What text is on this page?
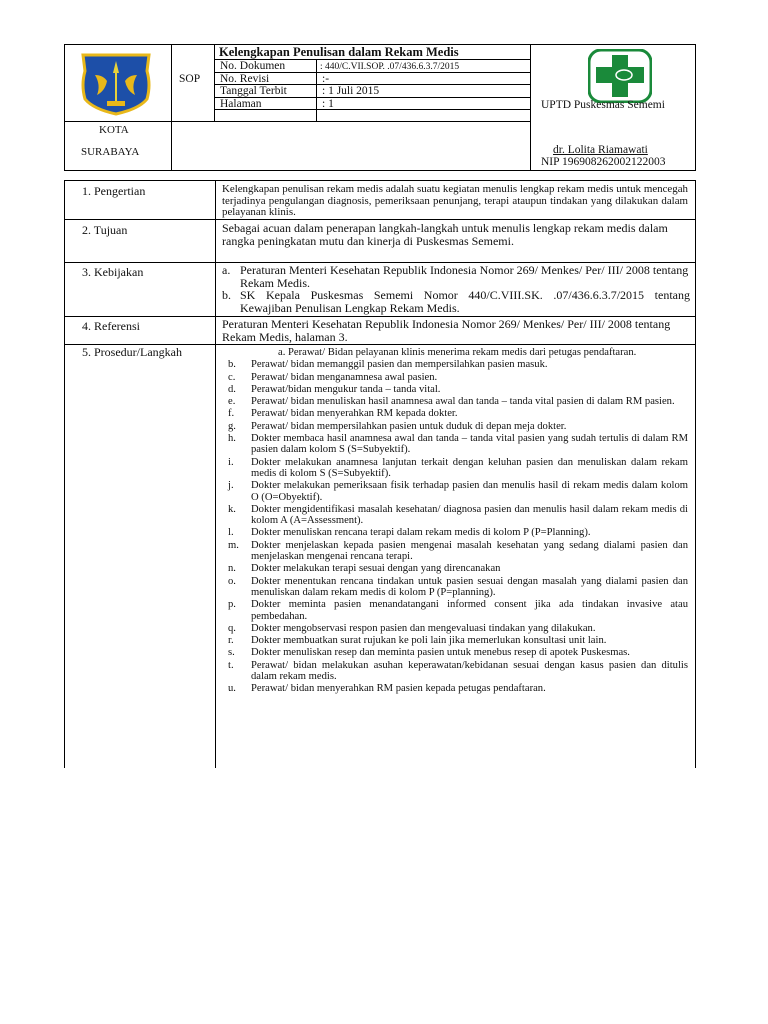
KOTA
SURABAYA
SOP
Kelengkapan Penulisan dalam Rekam Medis
No. Dokumen	: 440/C.VII.SOP. .07/436.6.3.7/2015
No. Revisi	:-
Tanggal Terbit	: 1 Juli 2015
Halaman	: 1	UPTD Puskesmas Sememi
dr. Lolita Riamawati
NIP 196908262002122003
1. Pengertian	Kelengkapan penulisan rekam medis adalah suatu kegiatan menulis lengkap rekam medis untuk mencegah terjadinya pengulangan diagnosis, pemeriksaan penunjang, terapi ataupun tindakan yang dilakukan dalam pelayanan klinis.

2. Tujuan	Sebagai acuan dalam penerapan langkah-langkah untuk menulis lengkap rekam medis dalam rangka peningkatan mutu dan kinerja di Puskesmas Sememi.

3. Kebijakan	a. Peraturan Menteri Kesehatan Republik Indonesia Nomor 269/ Menkes/ Per/ III/ 2008 tentang Rekam Medis.
b. SK Kepala Puskesmas Sememi Nomor 440/C.VIII.SK. .07/436.6.3.7/2015 tentang Kewajiban Penulisan Lengkap Rekam Medis.
4. Referensi	Peraturan Menteri Kesehatan Republik Indonesia Nomor 269/ Menkes/ Per/ III/ 2008 tentang Rekam Medis, halaman 3.

5. Prosedur/Langkah	a. Perawat/ Bidan pelayanan klinis menerima rekam medis dari petugas pendaftaran.

b.	Perawat/ bidan memanggil pasien dan mempersilahkan pasien masuk.
c.	Perawat/ bidan menganamnesa awal pasien.
d.	Perawat/bidan mengukur tanda – tanda vital.
e.	Perawat/ bidan menuliskan hasil anamnesa awal dan tanda – tanda vital pasien di dalam RM pasien.
f.	Perawat/ bidan menyerahkan RM kepada dokter.
g.	Perawat/ bidan mempersilahkan pasien untuk duduk di depan meja dokter.
h.	Dokter membaca hasil anamnesa awal dan tanda – tanda vital pasien yang sudah tertulis di dalam RM pasien dalam kolom S (S=Subyektif).
i.	Dokter melakukan anamnesa lanjutan terkait dengan keluhan pasien dan menuliskan dalam rekam medis di kolom S (S=Subyektif).
j.	Dokter melakukan pemeriksaan fisik terhadap pasien dan menulis hasil di rekam medis dalam kolom O (O=Obyektif).
k.	Dokter mengidentifikasi masalah kesehatan/ diagnosa pasien dan menulis hasil dalam rekam medis di kolom A (A=Assessment).
l.	Dokter menuliskan rencana terapi dalam rekam medis di kolom P (P=Planning).
m.	Dokter menjelaskan kepada pasien mengenai masalah kesehatan yang sedang dialami pasien dan menjelaskan mengenai rencana terapi.
n.	Dokter melakukan terapi sesuai dengan yang direncanakan
o.	Dokter menentukan rencana tindakan untuk pasien sesuai dengan masalah yang dialami pasien dan menuliskan dalam rekam medis di kolom P (P=planning).
p.	Dokter meminta pasien menandatangani informed consent jika ada tindakan invasive atau pembedahan.
q.	Dokter mengobservasi respon pasien dan mengevaluasi tindakan yang dilakukan.
r.	Dokter membuatkan surat rujukan ke poli lain jika memerlukan konsultasi unit lain.
s.	Dokter menuliskan resep dan meminta pasien untuk menebus resep di apotek Puskesmas.
t.	Perawat/ bidan melakukan asuhan keperawatan/kebidanan sesuai dengan kasus pasien dan ditulis dalam rekam medis.
u.	Perawat/ bidan menyerahkan RM pasien kepada petugas pendaftaran.
